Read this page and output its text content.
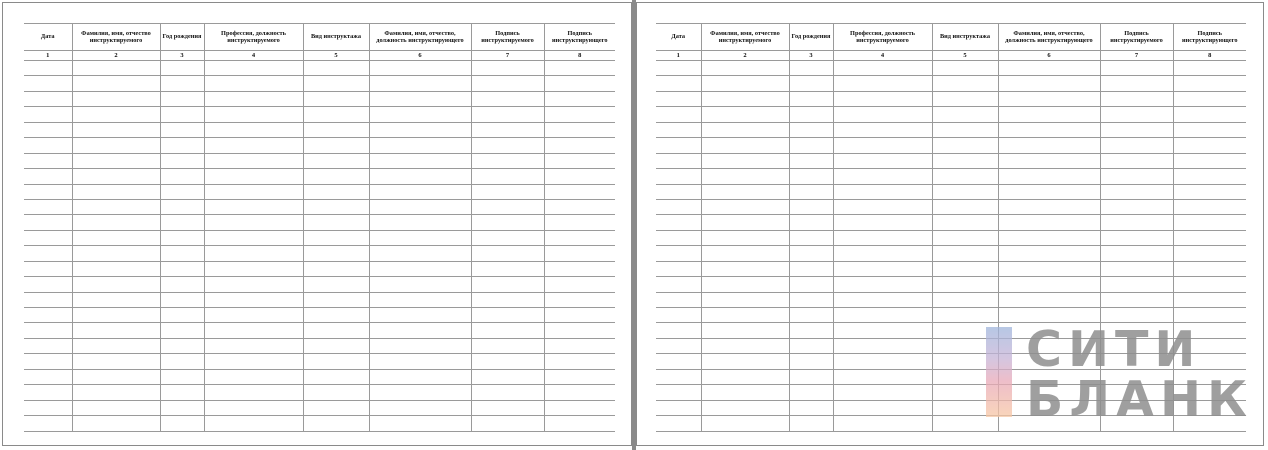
Дата	Фамилия, имя, отчество инструктируемого	Год рождения	Профессия, должность инструктируемого	Вид инструктажа	Фамилия, имя, отчество, должность инструктирующего	Подпись инструктируемого	Подпись инструктирующего
1	2	3	4	5	6	7	8

Дата	Фамилия, имя, отчество инструктируемого	Год рождения	Профессия, должность инструктируемого	Вид инструктажа	Фамилия, имя, отчество, должность инструктирующего	Подпись инструктируемого	Подпись инструктирующего
1	2	3	4	5	6	7	8

СИТИ
БЛАНК
